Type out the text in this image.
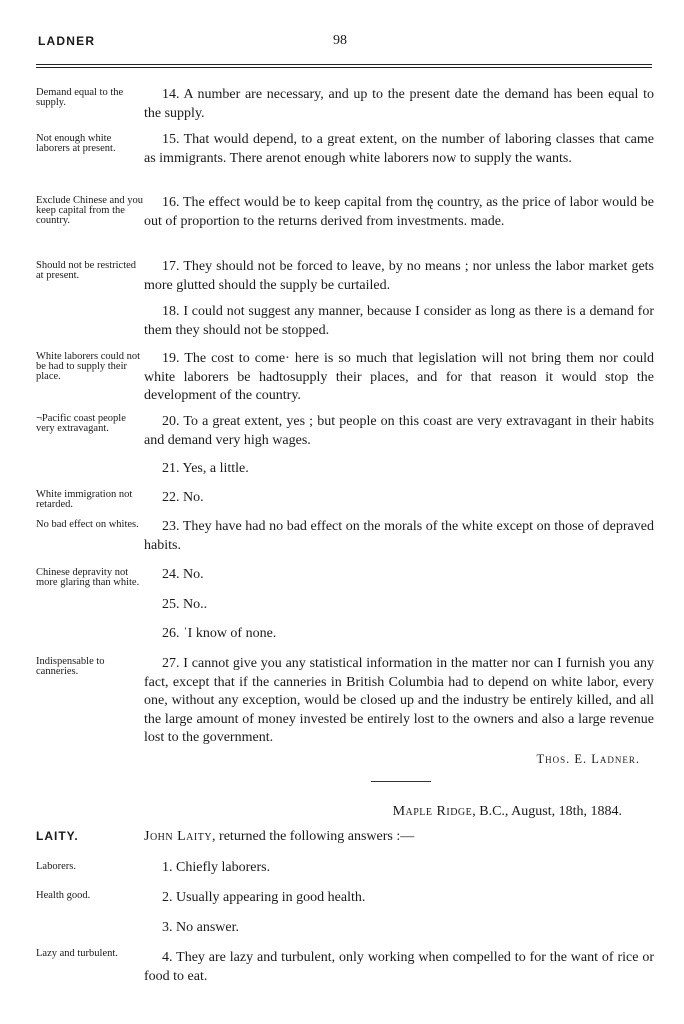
LADNER	98
Demand equal to the supply.
14. A number are necessary, and up to the present date the demand has been equal to the supply.
Not enough white laborers at present.
15. That would depend, to a great extent, on the number of laboring classes that came as immigrants. There arenot enough white laborers now to supply the wants.
Exclude Chinese and you keep capital from the country.
16. The effect would be to keep capital from thę country, as the price of labor would be out of proportion to the returns derived from investments. made.
Should not be restricted at present.
17. They should not be forced to leave, by no means ; nor unless the labor market gets more glutted should the supply be curtailed.
18. I could not suggest any manner, because I consider as long as there is a demand for them they should not be stopped.
White laborers could not be had to supply their place.
19. The cost to come· here is so much that legislation will not bring them nor could white laborers be hadtosupply their places, and for that reason it would stop the development of the country.
¬Pacific coast people very extravagant.	20. To a great extent, yes ; but people on this coast are very extravagant in their habits and demand very high wages.
21. Yes, a little.
White immigration not retarded.	22. No.
No bad effect on whites.	23. They have had no bad effect on the morals of the white except on those of depraved habits.
Chinese depravity not more glaring than white.
24. No.
25. No..
26. ˈI know of none.
Indispensable to canneries.
27. I cannot give you any statistical information in the matter nor can I furnish you any fact, except that if the canneries in British Columbia had to depend on white labor, every one, without any exception, would be closed up and the industry be entirely killed, and all the large amount of money invested be entirely lost to the owners and also a large revenue lost to the government.
Thos. E. Ladner.
Maple Ridge, B.C., August, 18th, 1884.
LAITY.	John Laity, returned the following answers :—
Laborers.	1. Chiefly laborers.
Health good.	2. Usually appearing in good health.
3. No answer.
Lazy and turbulent.	4. They are lazy and turbulent, only working when compelled to for the want of rice or food to eat.
